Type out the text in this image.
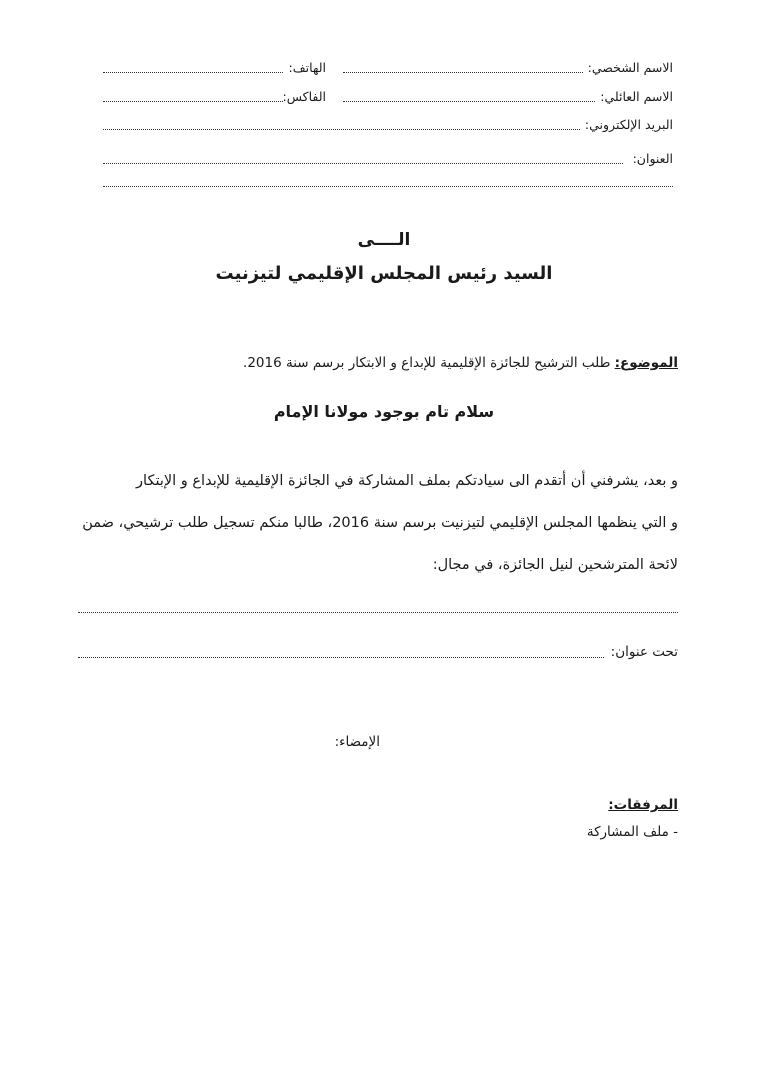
الاسم الشخصي:
الهاتف:
الاسم العائلي:
الفاكس:
البريد الإلكتروني:
العنوان:
الــــى
السيد رئيس المجلس الإقليمي لتيزنيت
الموضوع: طلب الترشيح للجائزة الإقليمية للإبداع و الابتكار برسم سنة 2016.
سلام تام بوجود مولانا الإمام
و بعد، يشرفني أن أتقدم الى سيادتكم بملف المشاركة في الجائزة الإقليمية للإبداع و الإبتكار
و التي ينظمها المجلس الإقليمي لتيزنيت برسم سنة 2016، طالبا منكم تسجيل طلب ترشيحي، ضمن
لائحة المترشحين لنيل الجائزة، في مجال:
تحت عنوان:
الإمضاء:
المرفقات:
- ملف المشاركة
